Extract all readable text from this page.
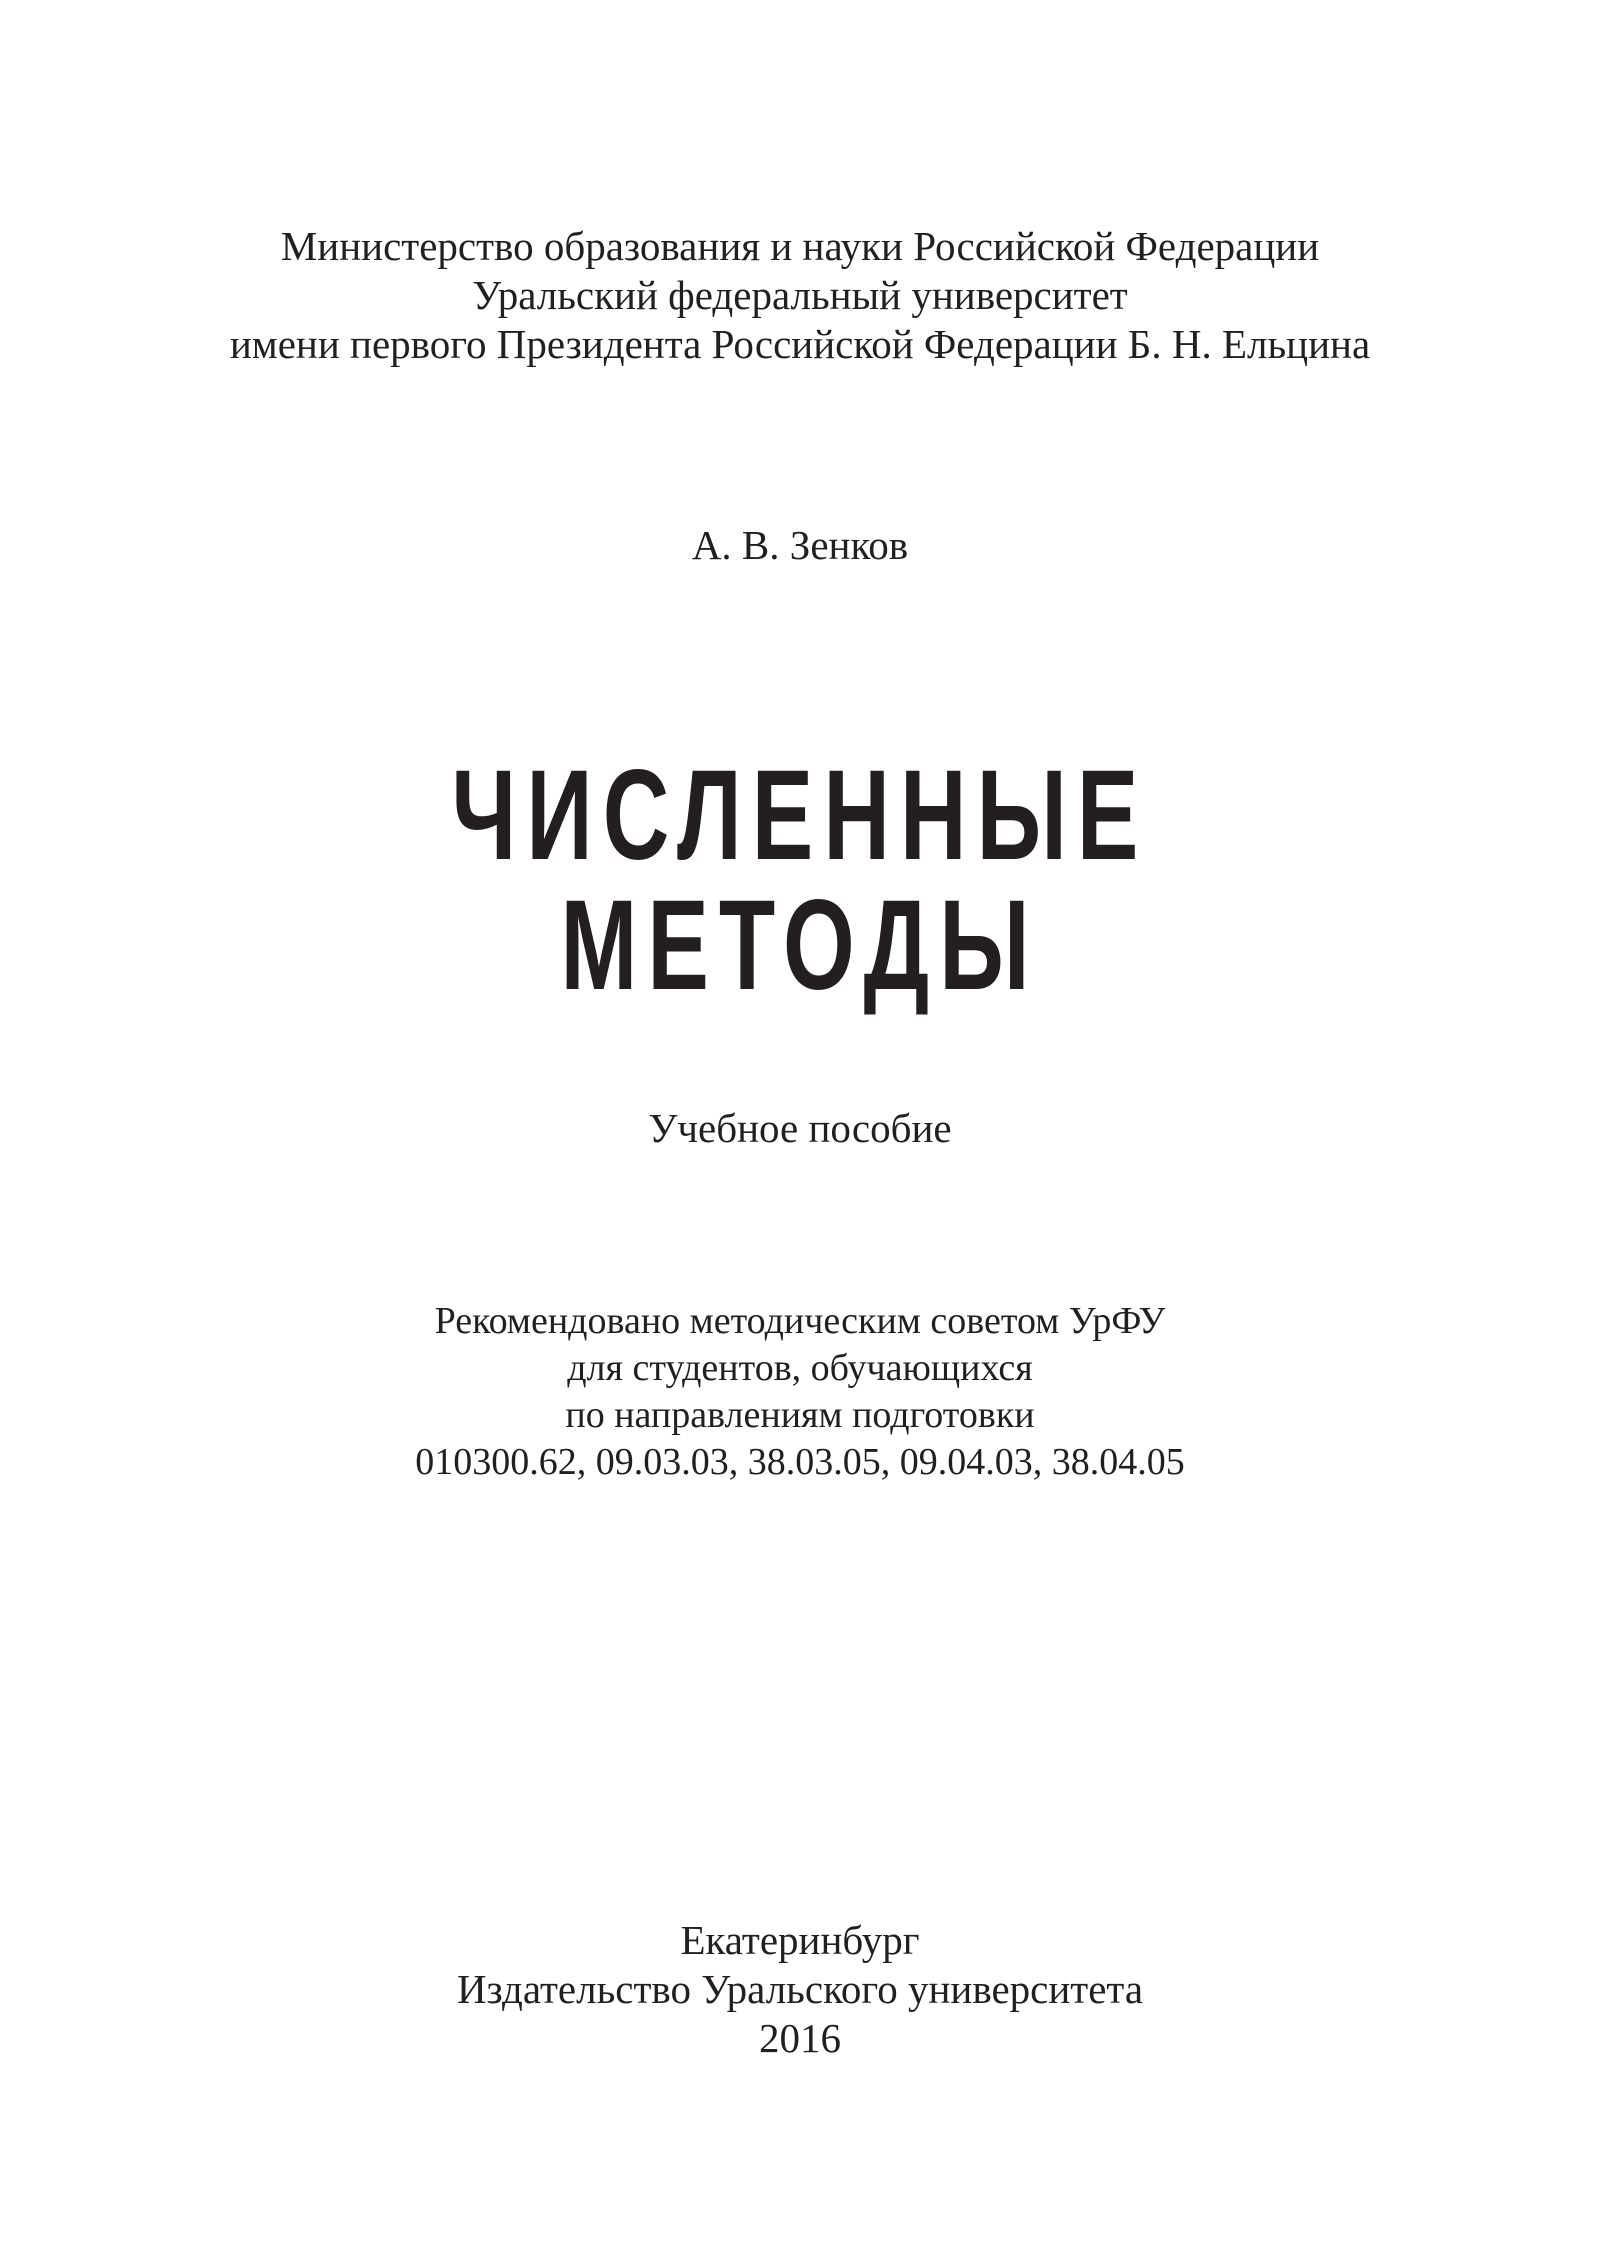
Министерство образования и науки Российской Федерации
Уральский федеральный университет
имени первого Президента Российской Федерации Б. Н. Ельцина
А. В. Зенков
ЧИСЛЕННЫЕ
МЕТОДЫ
Учебное пособие
Рекомендовано методическим советом УрФУ
для студентов, обучающихся
по направлениям подготовки
010300.62, 09.03.03, 38.03.05, 09.04.03, 38.04.05
Екатеринбург
Издательство Уральского университета
2016
